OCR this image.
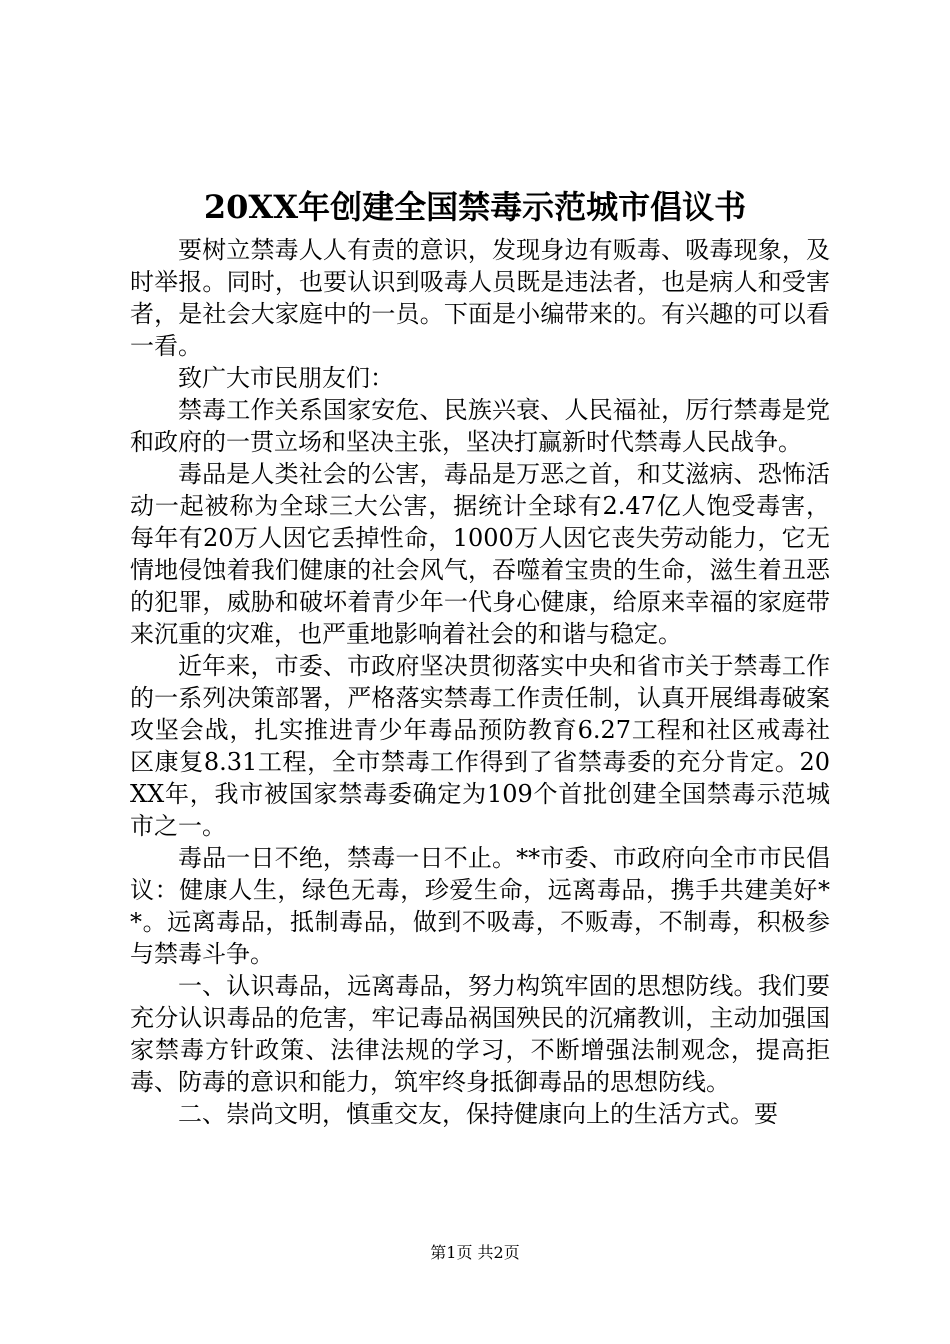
20XX年创建全国禁毒示范城市倡议书

要树立禁毒人人有责的意识，发现身边有贩毒、吸毒现象，及时举报。同时，也要认识到吸毒人员既是违法者，也是病人和受害者，是社会大家庭中的一员。下面是小编带来的。有兴趣的可以看一看。

致广大市民朋友们：

禁毒工作关系国家安危、民族兴衰、人民福祉，厉行禁毒是党和政府的一贯立场和坚决主张，坚决打赢新时代禁毒人民战争。

毒品是人类社会的公害，毒品是万恶之首，和艾滋病、恐怖活动一起被称为全球三大公害，据统计全球有2.47亿人饱受毒害，每年有20万人因它丢掉性命，1000万人因它丧失劳动能力，它无情地侵蚀着我们健康的社会风气，吞噬着宝贵的生命，滋生着丑恶的犯罪，威胁和破坏着青少年一代身心健康，给原来幸福的家庭带来沉重的灾难，也严重地影响着社会的和谐与稳定。

近年来，市委、市政府坚决贯彻落实中央和省市关于禁毒工作的一系列决策部署，严格落实禁毒工作责任制，认真开展缉毒破案攻坚会战，扎实推进青少年毒品预防教育6.27工程和社区戒毒社区康复8.31工程，全市禁毒工作得到了省禁毒委的充分肯定。20XX年，我市被国家禁毒委确定为109个首批创建全国禁毒示范城市之一。

毒品一日不绝，禁毒一日不止。**市委、市政府向全市市民倡议：健康人生，绿色无毒，珍爱生命，远离毒品，携手共建美好**。远离毒品，抵制毒品，做到不吸毒，不贩毒，不制毒，积极参与禁毒斗争。

一、认识毒品，远离毒品，努力构筑牢固的思想防线。我们要充分认识毒品的危害，牢记毒品祸国殃民的沉痛教训，主动加强国家禁毒方针政策、法律法规的学习，不断增强法制观念，提高拒毒、防毒的意识和能力，筑牢终身抵御毒品的思想防线。

二、崇尚文明，慎重交友，保持健康向上的生活方式。要

第1页 共2页
